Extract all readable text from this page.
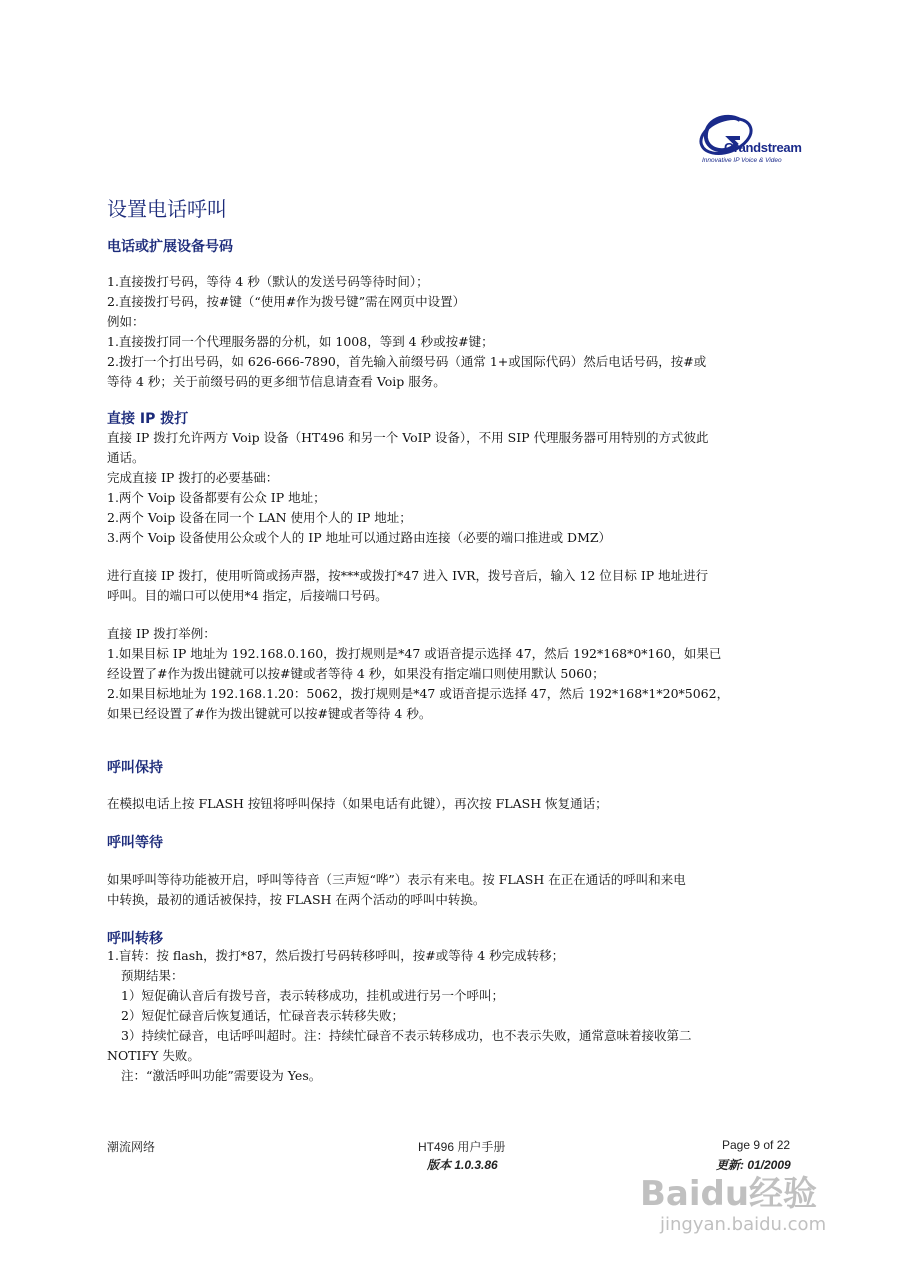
Grandstream
Innovative IP Voice & Video
设置电话呼叫
电话或扩展设备号码
1.直接拨打号码，等待 4 秒（默认的发送号码等待时间）；
2.直接拨打号码，按#键（“使用#作为拨号键”需在网页中设置）
例如：
1.直接拨打同一个代理服务器的分机，如 1008，等到 4 秒或按#键；
2.拨打一个打出号码，如 626-666-7890，首先输入前缀号码（通常 1+或国际代码）然后电话号码，按#或
等待 4 秒；关于前缀号码的更多细节信息请查看 Voip 服务。
直接 IP 拨打
直接 IP 拨打允许两方 Voip 设备（HT496 和另一个 VoIP 设备），不用 SIP 代理服务器可用特别的方式彼此
通话。
完成直接 IP 拨打的必要基础：
1.两个 Voip 设备都要有公众 IP 地址；
2.两个 Voip 设备在同一个 LAN 使用个人的 IP 地址；
3.两个 Voip 设备使用公众或个人的 IP 地址可以通过路由连接（必要的端口推进或 DMZ）
进行直接 IP 拨打，使用听筒或扬声器，按***或拨打*47 进入 IVR，拨号音后，输入 12 位目标 IP 地址进行
呼叫。目的端口可以使用*4 指定，后接端口号码。
直接 IP 拨打举例：
1.如果目标 IP 地址为 192.168.0.160，拨打规则是*47 或语音提示选择 47，然后 192*168*0*160，如果已
经设置了#作为拨出键就可以按#键或者等待 4 秒，如果没有指定端口则使用默认 5060；
2.如果目标地址为 192.168.1.20：5062，拨打规则是*47 或语音提示选择 47，然后 192*168*1*20*5062，
如果已经设置了#作为拨出键就可以按#键或者等待 4 秒。
呼叫保持
在模拟电话上按 FLASH 按钮将呼叫保持（如果电话有此键），再次按 FLASH 恢复通话；
呼叫等待
如果呼叫等待功能被开启，呼叫等待音（三声短“哗”）表示有来电。按 FLASH 在正在通话的呼叫和来电
中转换，最初的通话被保持，按 FLASH 在两个活动的呼叫中转换。
呼叫转移
1.盲转：按 flash，拨打*87，然后拨打号码转移呼叫，按#或等待 4 秒完成转移；
预期结果：
1）短促确认音后有拨号音，表示转移成功，挂机或进行另一个呼叫；
2）短促忙碌音后恢复通话，忙碌音表示转移失败；
3）持续忙碌音，电话呼叫超时。注：持续忙碌音不表示转移成功，也不表示失败，通常意味着接收第二
NOTIFY 失败。
注：“激活呼叫功能”需要设为 Yes。
潮流网络	HT496 用户手册	Page 9 of 22
版本 1.0.3.86	更新: 01/2009
Baidu经验
jingyan.baidu.com
